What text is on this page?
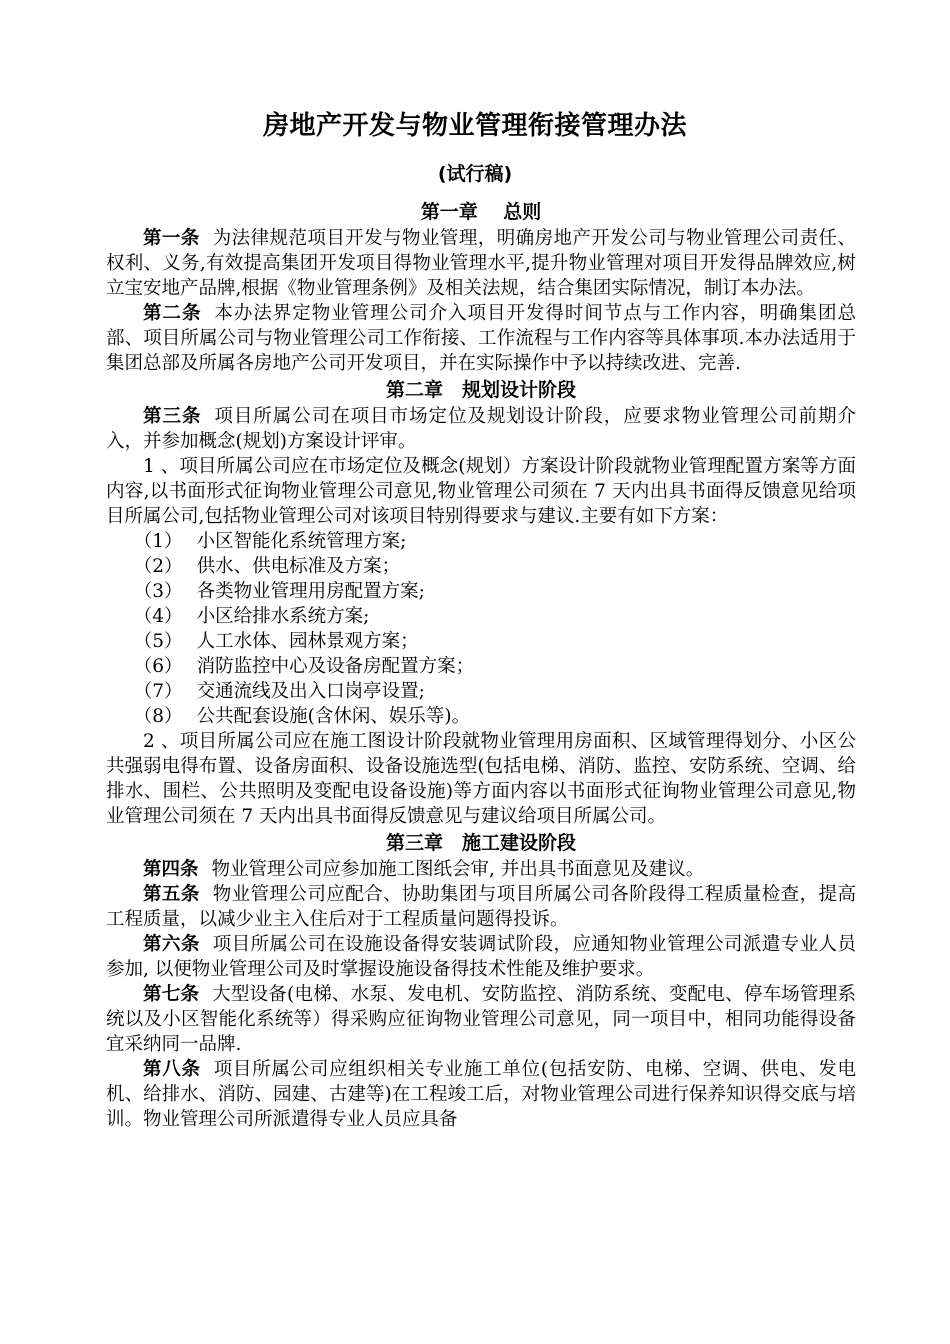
房地产开发与物业管理衔接管理办法
(试行稿)

第一章　 总则

第一条 为法律规范项目开发与物业管理，明确房地产开发公司与物业管理公司责任、权利、义务,有效提高集团开发项目得物业管理水平,提升物业管理对项目开发得品牌效应,树立宝安地产品牌,根据《物业管理条例》及相关法规，结合集团实际情况，制订本办法。

第二条 本办法界定物业管理公司介入项目开发得时间节点与工作内容，明确集团总部、项目所属公司与物业管理公司工作衔接、工作流程与工作内容等具体事项.本办法适用于集团总部及所属各房地产公司开发项目，并在实际操作中予以持续改进、完善.

第二章　规划设计阶段

第三条 项目所属公司在项目市场定位及规划设计阶段，应要求物业管理公司前期介入，并参加概念(规划)方案设计评审。

1 、项目所属公司应在市场定位及概念(规划）方案设计阶段就物业管理配置方案等方面内容,以书面形式征询物业管理公司意见,物业管理公司须在 7 天内出具书面得反馈意见给项目所属公司,包括物业管理公司对该项目特别得要求与建议.主要有如下方案：

（1） 小区智能化系统管理方案;
（2） 供水、供电标准及方案；
（3） 各类物业管理用房配置方案;
（4） 小区给排水系统方案;
（5） 人工水体、园林景观方案；
（6） 消防监控中心及设备房配置方案；
（7） 交通流线及出入口岗亭设置;
（8） 公共配套设施(含休闲、娱乐等)。

2 、项目所属公司应在施工图设计阶段就物业管理用房面积、区域管理得划分、小区公共强弱电得布置、设备房面积、设备设施选型(包括电梯、消防、监控、安防系统、空调、给排水、围栏、公共照明及变配电设备设施)等方面内容以书面形式征询物业管理公司意见,物业管理公司须在 7 天内出具书面得反馈意见与建议给项目所属公司。

第三章　施工建设阶段

第四条 物业管理公司应参加施工图纸会审, 并出具书面意见及建议。

第五条 物业管理公司应配合、协助集团与项目所属公司各阶段得工程质量检查，提高工程质量，以减少业主入住后对于工程质量问题得投诉。

第六条 项目所属公司在设施设备得安装调试阶段，应通知物业管理公司派遣专业人员参加, 以便物业管理公司及时掌握设施设备得技术性能及维护要求。

第七条 大型设备(电梯、水泵、发电机、安防监控、消防系统、变配电、停车场管理系统以及小区智能化系统等）得采购应征询物业管理公司意见，同一项目中，相同功能得设备宜采纳同一品牌.

第八条 项目所属公司应组织相关专业施工单位(包括安防、电梯、空调、供电、发电机、给排水、消防、园建、古建等)在工程竣工后，对物业管理公司进行保养知识得交底与培训。物业管理公司所派遣得专业人员应具备
